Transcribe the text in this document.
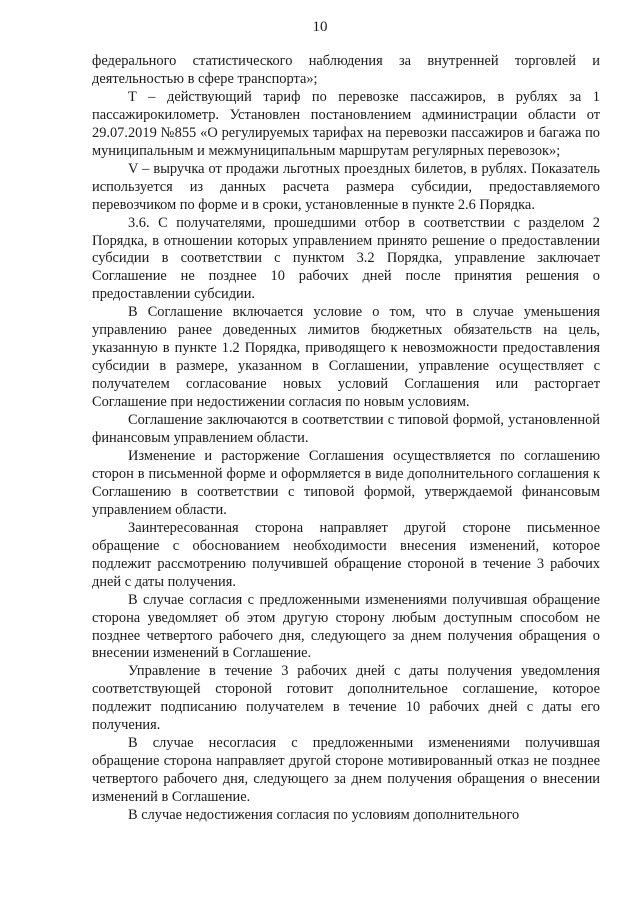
10

федерального статистического наблюдения за внутренней торговлей и деятельностью в сфере транспорта»;

Т – действующий тариф по перевозке пассажиров, в рублях за 1 пассажирокилометр. Установлен постановлением администрации области от 29.07.2019 №855 «О регулируемых тарифах на перевозки пассажиров и багажа по муниципальным и межмуниципальным маршрутам регулярных перевозок»;

V – выручка от продажи льготных проездных билетов, в рублях. Показатель используется из данных расчета размера субсидии, предоставляемого перевозчиком по форме и в сроки, установленные в пункте 2.6 Порядка.

3.6. С получателями, прошедшими отбор в соответствии с разделом 2 Порядка, в отношении которых управлением принято решение о предоставлении субсидии в соответствии с пунктом 3.2 Порядка, управление заключает Соглашение не позднее 10 рабочих дней после принятия решения о предоставлении субсидии.

В Соглашение включается условие о том, что в случае уменьшения управлению ранее доведенных лимитов бюджетных обязательств на цель, указанную в пункте 1.2 Порядка, приводящего к невозможности предоставления субсидии в размере, указанном в Соглашении, управление осуществляет с получателем согласование новых условий Соглашения или расторгает Соглашение при недостижении согласия по новым условиям.

Соглашение заключаются в соответствии с типовой формой, установленной финансовым управлением области.

Изменение и расторжение Соглашения осуществляется по соглашению сторон в письменной форме и оформляется в виде дополнительного соглашения к Соглашению в соответствии с типовой формой, утверждаемой финансовым управлением области.

Заинтересованная сторона направляет другой стороне письменное обращение с обоснованием необходимости внесения изменений, которое подлежит рассмотрению получившей обращение стороной в течение 3 рабочих дней с даты получения.

В случае согласия с предложенными изменениями получившая обращение сторона уведомляет об этом другую сторону любым доступным способом не позднее четвертого рабочего дня, следующего за днем получения обращения о внесении изменений в Соглашение.

Управление в течение 3 рабочих дней с даты получения уведомления соответствующей стороной готовит дополнительное соглашение, которое подлежит подписанию получателем в течение 10 рабочих дней с даты его получения.

В случае несогласия с предложенными изменениями получившая обращение сторона направляет другой стороне мотивированный отказ не позднее четвертого рабочего дня, следующего за днем получения обращения о внесении изменений в Соглашение.

В случае недостижения согласия по условиям дополнительного
